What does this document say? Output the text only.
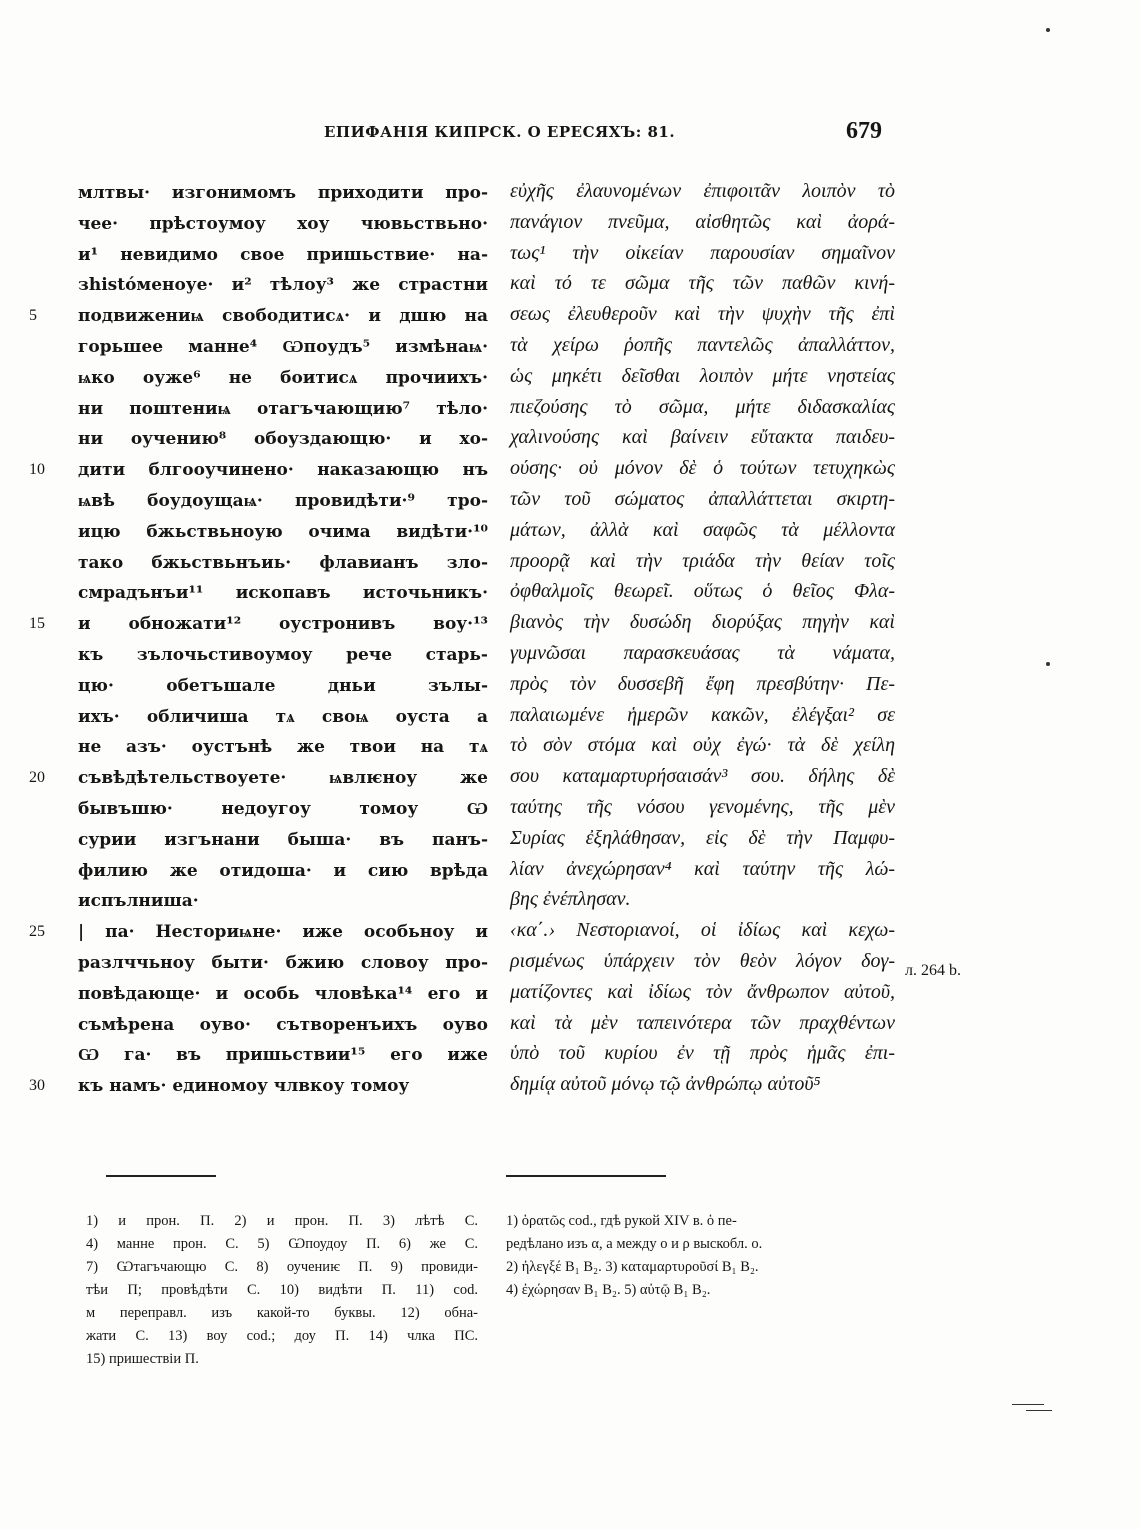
ЕПИФАНІЯ КИПРСК. О ЕРЕСЯХЪ: 81.	679
млтвы· изгонимомъ приходити про-
чее· прѣстоумоу хоу чювьствьно·
и¹ невидимо свое пришьствие· на-
зhistóменоуе· и² тѣлоу³ же страстни
5	подвижениѩ свободитисѧ· и дшю на
горьшее манне⁴ Ѡпоудъ⁵ измѣнаѩ·
ѩко оуже⁶ не боитисѧ прочиихъ·
ни поштениѩ отагъчающию⁷ тѣло·
ни оучению⁸ обоуздающю· и хо-
10	дити блгооучинено· наказающю нъ
ѩвѣ боудоущаѩ· провидѣти·⁹ тро-
ицю бжьствьноую очима видѣти·¹⁰
тако бжьствьнъиь· флавианъ зло-
смрадънъи¹¹ ископавъ источьникъ·
15	и обножати¹² оустронивъ воу·¹³
къ зълочьстивоумоу рече старь-
цю· обетъшале дньи зълы-
ихъ· обличиша тѧ своѩ оуста а
не азъ· оустънѣ же твои на тѧ
20	съвѣдѣтельствоуете· ѩвлѥноу же
бывъшю· недоугоу томоу Ѡ
сурии изгънани быша· въ панъ-
филию же отидоша· и сию врѣда
испълниша·
25	| па· Несториѩне· иже особьноу и
разлччьноу быти· бжию словоу про-
повѣдающе· и особь чловѣка¹⁴ его и
съмѣрена оуво· сътворенъихъ оуво
Ѡ га· въ пришьствии¹⁵ его иже
30	къ намъ· единомоу члвкоу томоу
εὐχῆς ἐλαυνομένων ἐπιφοιτᾶν λοιπὸν τὸ
πανάγιον πνεῦμα, αἰσθητῶς καὶ ἀορά-
τως¹ τὴν οἰκείαν παρουσίαν σημαῖνον
καὶ τό τε σῶμα τῆς τῶν παθῶν κινή-
σεως ἐλευθεροῦν καὶ τὴν ψυχὴν τῆς ἐπὶ
τὰ χείρω ῥοπῆς παντελῶς ἀπαλλάττον,
ὡς μηκέτι δεῖσθαι λοιπὸν μήτε νηστείας
πιεζούσης τὸ σῶμα, μήτε διδασκαλίας
χαλινούσης καὶ βαίνειν εὔτακτα παιδευ-
ούσης· οὐ μόνον δὲ ὁ τούτων τετυχηκὼς
τῶν τοῦ σώματος ἀπαλλάττεται σκιρτη-
μάτων, ἀλλὰ καὶ σαφῶς τὰ μέλλοντα
προορᾷ καὶ τὴν τριάδα τὴν θείαν τοῖς
ὀφθαλμοῖς θεωρεῖ. οὕτως ὁ θεῖος Φλα-
βιανὸς τὴν δυσώδη διορύξας πηγὴν καὶ
γυμνῶσαι παρασκευάσας τὰ νάματα,
πρὸς τὸν δυσσεβῆ ἔφη πρεσβύτην· Πε-
παλαιωμένε ἡμερῶν κακῶν, ἐλέγξαι² σε
τὸ σὸν στόμα καὶ οὐχ ἐγώ· τὰ δὲ χείλη
σου καταμαρτυρήσαισάν³ σου. δήλης δὲ
ταύτης τῆς νόσου γενομένης, τῆς μὲν
Συρίας ἐξηλάθησαν, εἰς δὲ τὴν Παμφυ-
λίαν ἀνεχώρησαν⁴ καὶ ταύτην τῆς λώ-
βης ἐνέπλησαν.
‹κα΄.› Νεστοριανοί, οἱ ἰδίως καὶ κεχω-
ρισμένως ὑπάρχειν τὸν θεὸν λόγον δογ-
ματίζοντες καὶ ἰδίως τὸν ἄνθρωπον αὐτοῦ,
καὶ τὰ μὲν ταπεινότερα τῶν πραχθέντων
ὑπὸ τοῦ κυρίου ἐν τῇ πρὸς ἡμᾶς ἐπι-
δημίᾳ αὐτοῦ μόνῳ τῷ ἀνθρώπῳ αὐτοῦ⁵
л. 264 b.
1) и прон. П. 2) и прон. П. 3) лѣтѣ С.
4) манне прон. С. 5) Ѡпоудоу П. 6) же С.
7) Ѡтагъчающю С. 8) оучениѥ П. 9) провиди-
тѣи П; провѣдѣти С. 10) видѣти П. 11) cod.
м перепрaвл. изъ какой-то буквы. 12) обна-
жати С. 13) воу cod.; доу П. 14) члка ПС.
15) пришествіи П.
1) ὁρατῶς cod., гдѣ рукой XIV в. ὁ пе-
редѣлано изъ α, а между ο и ρ выскобл. ο.
2) ἠλεγξέ B₁ B₂. 3) καταμαρτυροῦσί B₁ B₂.
4) ἐχώρησαν B₁ B₂. 5) αὐτῷ B₁ B₂.
